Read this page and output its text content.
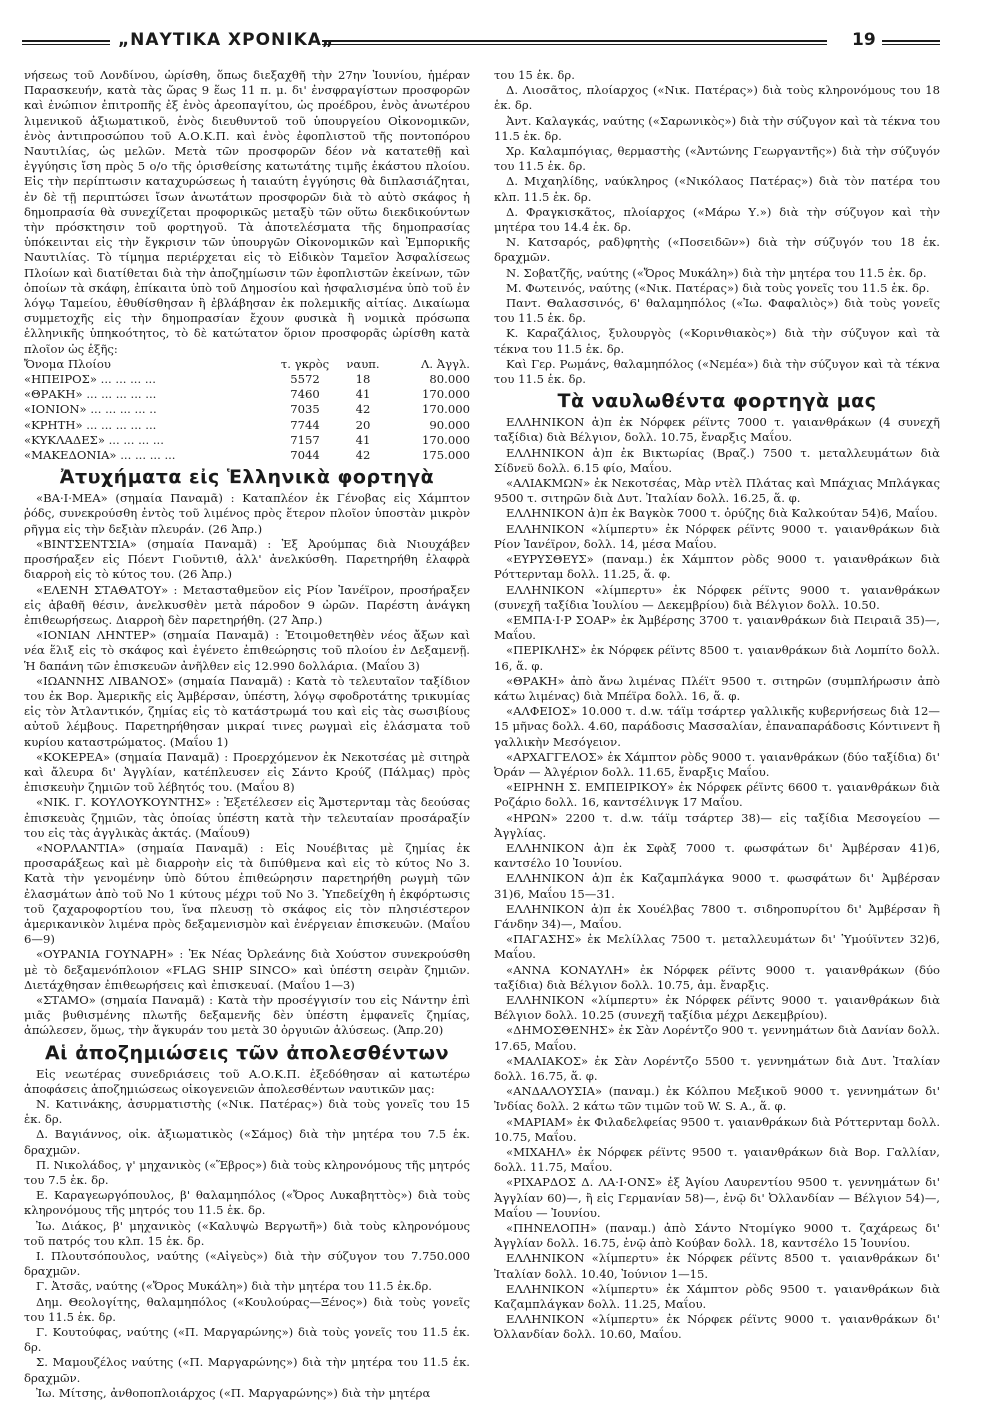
„ΝΑΥΤΙΚΑ ΧΡΟΝΙΚΑ„	19

νήσεως τοῦ Λονδίνου, ὡρίσθη, ὅπως διεξαχθῆ τὴν 27ην Ἰουνίου, ἡμέραν Παρασκευήν, κατὰ τὰς ὥρας 9 ἕως 11 π. μ. δι' ἐνσφραγίστων προσφορῶν καὶ ἐνώπιον ἐπιτροπῆς ἐξ ἑνὸς ἀρεοπαγίτου, ὡς προέδρου, ἑνὸς ἀνωτέρου λιμενικοῦ ἀξιωματικοῦ, ἑνὸς διευθυντοῦ τοῦ ὑπουργείου Οἰκονομικῶν, ἑνὸς ἀντιπροσώπου τοῦ Α.Ο.Κ.Π. καὶ ἑνὸς ἐφοπλιστοῦ τῆς ποντοπόρου Ναυτιλίας, ὡς μελῶν. Μετὰ τῶν προσφορῶν δέον νὰ κατατεθῇ καὶ ἐγγύησις ἴση πρὸς 5 ο/ο τῆς ὁρισθείσης κατωτάτης τιμῆς ἑκάστου πλοίου. Εἰς τὴν περίπτωσιν καταχυρώσεως ἡ ταιαύτη ἐγγύησις θὰ διπλασιάζηται, ἐν δὲ τῇ περιπτώσει ἴσων ἀνωτάτων προσφορῶν διὰ τὸ αὐτὸ σκάφος ἡ δημοπρασία θὰ συνεχίζεται προφορικῶς μεταξὺ τῶν οὕτω διεκδικούντων τὴν πρόσκτησιν τοῦ φορτηγοῦ. Τὰ ἀποτελέσματα τῆς δημοπρασίας ὑπόκεινται εἰς τὴν ἔγκρισιν τῶν ὑπουργῶν Οἰκονομικῶν καὶ Ἐμπορικῆς Ναυτιλίας. Τὸ τίμημα περιέρχεται εἰς τὸ Εἰδικὸν Ταμεῖον Ἀσφαλίσεως Πλοίων καὶ διατίθεται διὰ τὴν ἀποζημίωσιν τῶν ἐφοπλιστῶν ἐκείνων, τῶν ὁποίων τὰ σκάφη, ἐπίκαιτα ὑπὸ τοῦ Δημοσίου καὶ ἠσφαλισμένα ὑπὸ τοῦ ἐν λόγῳ Ταμείου, ἐθυθίσθησαν ἢ ἐβλάβησαν ἐκ πολεμικῆς αἰτίας. Δικαίωμα συμμετοχῆς εἰς τὴν δημοπρασίαν ἔχουν φυσικὰ ἢ νομικὰ πρόσωπα ἑλληνικῆς ὑπηκοότητος, τὸ δὲ κατώτατον ὅριον προσφορᾶς ὡρίσθη κατὰ πλοῖον ὡς ἑξῆς:

Ὄνομα Πλοίου	τ. γκρὸς	ναυπ.	Λ. Ἀγγλ.
«ΗΠΕΙΡΟΣ» ... ... ... ...	5572	18	80.000
«ΘΡΑΚΗ» ... ... ... ... ...	7460	41	170.000
«ΙΟΝΙΟΝ» ... ... ... ... ..	7035	42	170.000
«ΚΡΗΤΗ» ... ... ... ... ...	7744	20	90.000
«ΚΥΚΛΑΔΕΣ» ... ... ... ...	7157	41	170.000
«ΜΑΚΕΔΟΝΙΑ» ... ... ... ...	7044	42	175.000
Ἀτυχήματα εἰς Ἑλληνικὰ φορτηγὰ

«ΒΑ·Ι·ΜΕΑ» (σημαία Παναμᾶ) : Καταπλέον ἐκ Γένοβας εἰς Χάμπτον ῥόδς, συνεκρούσθη ἐντὸς τοῦ λιμένος πρὸς ἕτερον πλοῖον ὑποστὰν μικρὸν ρῆγμα εἰς τὴν δεξιὰν πλευράν. (26 Ἀπρ.)

«ΒΙΝΤΣΕΝΤΣΙΑ» (σημαία Παναμᾶ) : Ἐξ Ἀρούμπας διὰ Νιουχάβεν προσήραξεν εἰς Πόεντ Γιοῦντιθ, ἀλλ' ἀνελκύσθη. Παρετηρήθη ἐλαφρὰ διαρροὴ εἰς τὸ κύτος του. (26 Ἀπρ.)

«ΕΛΕΝΗ ΣΤΑΘΑΤΟΥ» : Μετασταθμεῦον εἰς Ρίον Ἰανέϊρον, προσήραξεν εἰς ἀβαθῆ θέσιν, ἀνελκυσθὲν μετὰ πάροδον 9 ὡρῶν. Παρέστη ἀνάγκη ἐπιθεωρήσεως. Διαρροὴ δὲν παρετηρήθη. (27 Ἀπρ.)

«ΙΟΝΙΑΝ ΛΗΝΤΕΡ» (σημαία Παναμᾶ) : Ἑτοιμοθετηθὲν νέος ἄξων καὶ νέα ἕλιξ εἰς τὸ σκάφος καὶ ἐγένετο ἐπιθεώρησις τοῦ πλοίου ἐν Δεξαμενῇ. Ἡ δαπάνη τῶν ἐπισκευῶν ἀνῆλθεν εἰς 12.990 δολλάρια. (Μαΐου 3)

«ΙΩΑΝΝΗΣ ΛΙΒΑΝΟΣ» (σημαία Παναμᾶ) : Κατὰ τὸ τελευταῖον ταξίδιον του ἐκ Βορ. Ἀμερικῆς εἰς Ἀμβέρσαν, ὑπέστη, λόγῳ σφοδροτάτης τρικυμίας εἰς τὸν Ἀτλαντικόν, ζημίας εἰς τὸ κατάστρωμά του καὶ εἰς τὰς σωσιβίους αὐτοῦ λέμβους. Παρετηρήθησαν μικραί τινες ρωγμαὶ εἰς ἐλάσματα τοῦ κυρίου καταστρώματος. (Μαΐου 1)

«ΚΟΚΕΡΕΑ» (σημαία Παναμᾶ) : Προερχόμενον ἐκ Νεκοτσέας μὲ σιτηρὰ καὶ ἄλευρα δι' Ἀγγλίαν, κατέπλευσεν εἰς Σάντο Κρούζ (Πάλμας) πρὸς ἐπισκευὴν ζημιῶν τοῦ λέβητός του. (Μαΐου 8)

«ΝΙΚ. Γ. ΚΟΥΛΟΥΚΟΥΝΤΗΣ» : Ἐξετέλεσεν εἰς Ἄμστερνταμ τὰς δεούσας ἐπισκευὰς ζημιῶν, τὰς ὁποίας ὑπέστη κατὰ τὴν τελευταίαν προσάραξίν του εἰς τὰς ἀγγλικὰς ἀκτάς. (Μαΐου9)

«ΝΟΡΛΑΝΤΙΑ» (σημαία Παναμᾶ) : Εἰς Νουέβιτας μὲ ζημίας ἐκ προσαράξεως καὶ μὲ διαρροὴν εἰς τὰ διπύθμενα καὶ εἰς τὸ κύτος Νο 3. Κατὰ τὴν γενομένην ὑπὸ δύτου ἐπιθεώρησιν παρετηρήθη ρωγμὴ τῶν ἐλασμάτων ἀπὸ τοῦ Νο 1 κύτους μέχρι τοῦ Νο 3. Ὑπεδείχθη ἡ ἐκφόρτωσις τοῦ ζαχαροφορτίου του, ἵνα πλευσῃ τὸ σκάφος εἰς τὸν πλησιέστερον ἀμερικανικὸν λιμένα πρὸς δεξαμενισμὸν καὶ ἐνέργειαν ἐπισκευῶν. (Μαΐου 6—9)

«ΟΥΡΑΝΙΑ ΓΟΥΝΑΡΗ» : Ἐκ Νέας Ὀρλεάνης διὰ Χούστον συνεκρούσθη μὲ τὸ δεξαμενόπλοιον «FLAG SHIP SINCO» καὶ ὑπέστη σειρὰν ζημιῶν. Διετάχθησαν ἐπιθεωρήσεις καὶ ἐπισκευαί. (Μαΐου 1—3)

«ΣΤΑΜΟ» (σημαία Παναμᾶ) : Κατὰ τὴν προσέγγισίν του εἰς Νάντην ἐπὶ μιᾶς βυθισμένης πλωτῆς δεξαμενῆς δὲν ὑπέστη ἐμφανεῖς ζημίας, ἀπώλεσεν, ὅμως, τὴν ἄγκυράν του μετὰ 30 ὀργυιῶν ἁλύσεως. (Ἀπρ.20)

Αἱ ἀποζημιώσεις τῶν ἀπολεσθέντων

Εἰς νεωτέρας συνεδριάσεις τοῦ Α.Ο.Κ.Π. ἐξεδόθησαν αἱ κατωτέρω ἀποφάσεις ἀποζημιώσεως οἰκογενειῶν ἀπολεσθέντων ναυτικῶν μας:

Ν. Κατινάκης, ἀσυρματιστὴς («Νικ. Πατέρας») διὰ τοὺς γονεῖς του 15 ἑκ. δρ.

Δ. Βαγιάννος, οἰκ. ἀξιωματικὸς («Σάμος) διὰ τὴν μητέρα του 7.5 ἑκ. δραχμῶν.

Π. Νικολάδος, γ' μηχανικὸς («Ἕβρος») διὰ τοὺς κληρονόμους τῆς μητρός του 7.5 ἑκ. δρ.

Ε. Καραγεωργόπουλος, β' θαλαμηπόλος («Ὄρος Λυκαβηττὸς») διὰ τοὺς κληρονόμους τῆς μητρός του 11.5 ἑκ. δρ.

Ἰω. Διάκος, β' μηχανικὸς («Καλυψὼ Βεργωτῆ») διὰ τοὺς κληρονόμους τοῦ πατρός του κλπ. 15 ἑκ. δρ.

Ι. Πλουτσόπουλος, ναύτης («Αἰγεὺς») διὰ τὴν σύζυγον του 7.750.000 δραχμῶν.

Γ. Ἀτσᾶς, ναύτης («Ὄρος Μυκάλη») διὰ τὴν μητέρα του 11.5 ἑκ.δρ.

Δημ. Θεολογίτης, θαλαμηπόλος («Κουλούρας—Ξένος») διὰ τοὺς γονεῖς του 11.5 ἑκ. δρ.

Γ. Κουτούφας, ναύτης («Π. Μαργαρώνης») διὰ τοὺς γονεῖς του 11.5 ἑκ. δρ.

Σ. Μαμουζέλος ναύτης («Π. Μαργαρώνης») διὰ τὴν μητέρα του 11.5 ἑκ. δραχμῶν.

Ἰω. Μίτσης, ἀνθοποπλοιάρχος («Π. Μαργαρώνης») διὰ τὴν μητέρα

του 15 ἑκ. δρ.

Δ. Λιοσᾶτος, πλοίαρχος («Νικ. Πατέρας») διὰ τοὺς κληρονόμους του 18 ἑκ. δρ.

Ἀντ. Καλαγκάς, ναύτης («Σαρωνικὸς») διὰ τὴν σύζυγον καὶ τὰ τέκνα του 11.5 ἑκ. δρ.

Χρ. Καλαμπόγιας, θερμαστὴς («Ἀντώνης Γεωργαντῆς») διὰ τὴν σύζυγόν του 11.5 ἑκ. δρ.

Δ. Μιχαηλίδης, ναύκληρος («Νικόλαος Πατέρας») διὰ τὸν πατέρα του κλπ. 11.5 ἑκ. δρ.

Δ. Φραγκισκᾶτος, πλοίαρχος («Μάρω Υ.») διὰ τὴν σύζυγον καὶ τὴν μητέρα του 14.4 ἑκ. δρ.

Ν. Κατσαρός, ραδ)φητὴς («Ποσειδῶν») διὰ τὴν σύζυγόν του 18 ἑκ. δραχμῶν.

Ν. Σοβατζῆς, ναύτης («Ὄρος Μυκάλη») διὰ τὴν μητέρα του 11.5 ἑκ. δρ.

Μ. Φωτεινός, ναύτης («Νικ. Πατέρας») διὰ τοὺς γονεῖς του 11.5 ἑκ. δρ.

Παντ. Θαλασσινός, 6' θαλαμηπόλος («Ἰω. Φαφαλιὸς») διὰ τοὺς γονεῖς του 11.5 ἑκ. δρ.

Κ. Καραζάλιος, ξυλουργὸς («Κορινθιακὸς») διὰ τὴν σύζυγον καὶ τὰ τέκνα του 11.5 ἑκ. δρ.

Καὶ Γερ. Ρωμάνς, θαλαμηπόλος («Νεμέα») διὰ τὴν σύζυγον καὶ τὰ τέκνα του 11.5 ἑκ. δρ.

Τὰ ναυλωθέντα φορτηγὰ μας

ΕΛΛΗΝΙΚΟΝ ἀ)π ἐκ Νόρφεκ ρέϊντς 7000 τ. γαιανθράκων (4 συνεχῆ ταξίδια) διὰ Βέλγιον, δολλ. 10.75, ἔναρξις Μαΐου.

ΕΛΛΗΝΙΚΟΝ ἀ)π ἐκ Βικτωρίας (Βραζ.) 7500 τ. μεταλλευμάτων διὰ Σίδνεϋ δολλ. 6.15 φίο, Μαΐου.

«ΑΛΙΑΚΜΩΝ» ἐκ Νεκοτσέας, Μὰρ ντὲλ Πλάτας καὶ Μπάχιας Μπλάγκας 9500 τ. σιτηρῶν διὰ Δυτ. Ἰταλίαν δολλ. 16.25, ἅ. φ.

ΕΛΛΗΝΙΚΟΝ ἀ)π ἐκ Βαγκὸκ 7000 τ. ὀρύζης διὰ Καλκούταν 54)6, Μαΐου.

ΕΛΛΗΝΙΚΟΝ «λίμπερτυ» ἐκ Νόρφεκ ρέϊντς 9000 τ. γαιανθράκων διὰ Ρίον Ἰανέϊρον, δολλ. 14, μέσα Μαΐου.

«ΕΥΡΥΣΘΕΥΣ» (παναμ.) ἐκ Χάμπτον ρὸδς 9000 τ. γαιανθράκων διὰ Ρόττερνταμ δολλ. 11.25, ἅ. φ.

ΕΛΛΗΝΙΚΟΝ «λίμπερτυ» ἐκ Νόρφεκ ρέϊντς 9000 τ. γαιανθράκων (συνεχῆ ταξίδια Ἰουλίου — Δεκεμβρίου) διὰ Βέλγιον δολλ. 10.50.

«ΕΜΠΑ·Ι·Ρ ΣΟΑΡ» ἐκ Ἀμβέρσης 3700 τ. γαιανθράκων διὰ Πειραιᾶ 35)—, Μαΐου.

«ΠΕΡΙΚΛΗΣ» ἐκ Νόρφεκ ρέϊντς 8500 τ. γαιανθράκων διὰ Λομπίτο δολλ. 16, ἅ. φ.

«ΘΡΑΚΗ» ἀπὸ ἄνω λιμένας Πλέϊτ 9500 τ. σιτηρῶν (συμπλήρωσιν ἀπὸ κάτω λιμένας) διὰ Μπέϊρα δολλ. 16, ἅ. φ.

«ΑΛΦΕΙΟΣ» 10.000 τ. d.w. τάϊμ τσάρτερ γαλλικῆς κυβερνήσεως διὰ 12—15 μῆνας δολλ. 4.60, παράδοσις Μασσαλίαν, ἐπαναπαράδοσις Κόντινεντ ἢ γαλλικὴν Μεσόγειον.

«ΑΡΧΑΓΓΕΛΟΣ» ἐκ Χάμπτον ρὸδς 9000 τ. γαιανθράκων (δύο ταξίδια) δι' Ὀράν — Ἀλγέριον δολλ. 11.65, ἔναρξις Μαΐου.

«ΕΙΡΗΝΗ Σ. ΕΜΠΕΙΡΙΚΟΥ» ἐκ Νόρφεκ ρέϊντς 6600 τ. γαιανθράκων διὰ Ροζάριο δολλ. 16, καντσέλινγκ 17 Μαΐου.

«ΗΡΩΝ» 2200 τ. d.w. τάϊμ τσάρτερ 38)— εἰς ταξίδια Μεσογείου — Ἀγγλίας.

ΕΛΛΗΝΙΚΟΝ ἀ)π ἐκ Σφὰξ 7000 τ. φωσφάτων δι' Ἀμβέρσαν 41)6, καντσέλο 10 Ἰουνίου.

ΕΛΛΗΝΙΚΟΝ ἀ)π ἐκ Καζαμπλάγκα 9000 τ. φωσφάτων δι' Ἀμβέρσαν 31)6, Μαΐου 15—31.

ΕΛΛΗΝΙΚΟΝ ἀ)π ἐκ Χουέλβας 7800 τ. σιδηροπυρίτου δι' Ἀμβέρσαν ἢ Γάνδην 34)—, Μαΐου.

«ΠΑΓΑΣΗΣ» ἐκ Μελίλλας 7500 τ. μεταλλευμάτων δι' Ὑμούϊντεν 32)6, Μαΐου.

«ΑΝΝΑ ΚΟΝΑΥΛΗ» ἐκ Νόρφεκ ρέϊντς 9000 τ. γαιανθράκων (δύο ταξίδια) διὰ Βέλγιον δολλ. 10.75, ἀμ. ἔναρξις.

ΕΛΛΗΝΙΚΟΝ «λίμπερτυ» ἐκ Νόρφεκ ρέϊντς 9000 τ. γαιανθράκων διὰ Βέλγιον δολλ. 10.25 (συνεχῆ ταξίδια μέχρι Δεκεμβρίου).

«ΔΗΜΟΣΘΕΝΗΣ» ἐκ Σὰν Λορέντζο 900 τ. γεννημάτων διὰ Δανίαν δολλ. 17.65, Μαΐου.

«ΜΑΛΙΑΚΟΣ» ἐκ Σὰν Λορέντζο 5500 τ. γεννημάτων διὰ Δυτ. Ἰταλίαν δολλ. 16.75, ἅ. φ.

«ΑΝΔΑΛΟΥΣΙΑ» (παναμ.) ἐκ Κόλπου Μεξικοῦ 9000 τ. γεννημάτων δι' Ἰνδίας δολλ. 2 κάτω τῶν τιμῶν τοῦ W. S. A., ἅ. φ.

«ΜΑΡΙΑΜ» ἐκ Φιλαδελφείας 9500 τ. γαιανθράκων διὰ Ρόττερνταμ δολλ. 10.75, Μαΐου.

«ΜΙΧΑΗΛ» ἐκ Νόρφεκ ρέϊντς 9500 τ. γαιανθράκων διὰ Βορ. Γαλλίαν, δολλ. 11.75, Μαΐου.

«ΡΙΧΑΡΔΟΣ Δ. ΛΑ·Ι·ΟΝΣ» ἐξ Ἁγίου Λαυρεντίου 9500 τ. γεννημάτων δι' Ἀγγλίαν 60)—, ἢ εἰς Γερμανίαν 58)—, ἐνῷ δι' Ὀλλανδίαν — Βέλγιον 54)—, Μαΐου — Ἰουνίου.

«ΠΗΝΕΛΟΠΗ» (παναμ.) ἀπὸ Σάντο Ντομίγκο 9000 τ. ζαχάρεως δι' Ἀγγλίαν δολλ. 16.75, ἐνῷ ἀπὸ Κούβαν δολλ. 18, καντσέλο 15 Ἰουνίου.

ΕΛΛΗΝΙΚΟΝ «λίμπερτυ» ἐκ Νόρφεκ ρέϊντς 8500 τ. γαιανθράκων δι' Ἰταλίαν δολλ. 10.40, Ἰούνιον 1—15.

ΕΛΛΗΝΙΚΟΝ «λίμπερτυ» ἐκ Χάμπτον ρὸδς 9500 τ. γαιανθράκων διὰ Καζαμπλάγκαν δολλ. 11.25, Μαΐου.

ΕΛΛΗΝΙΚΟΝ «λίμπερτυ» ἐκ Νόρφεκ ρέϊντς 9000 τ. γαιανθράκων δι' Ὀλλανδίαν δολλ. 10.60, Μαΐου.
